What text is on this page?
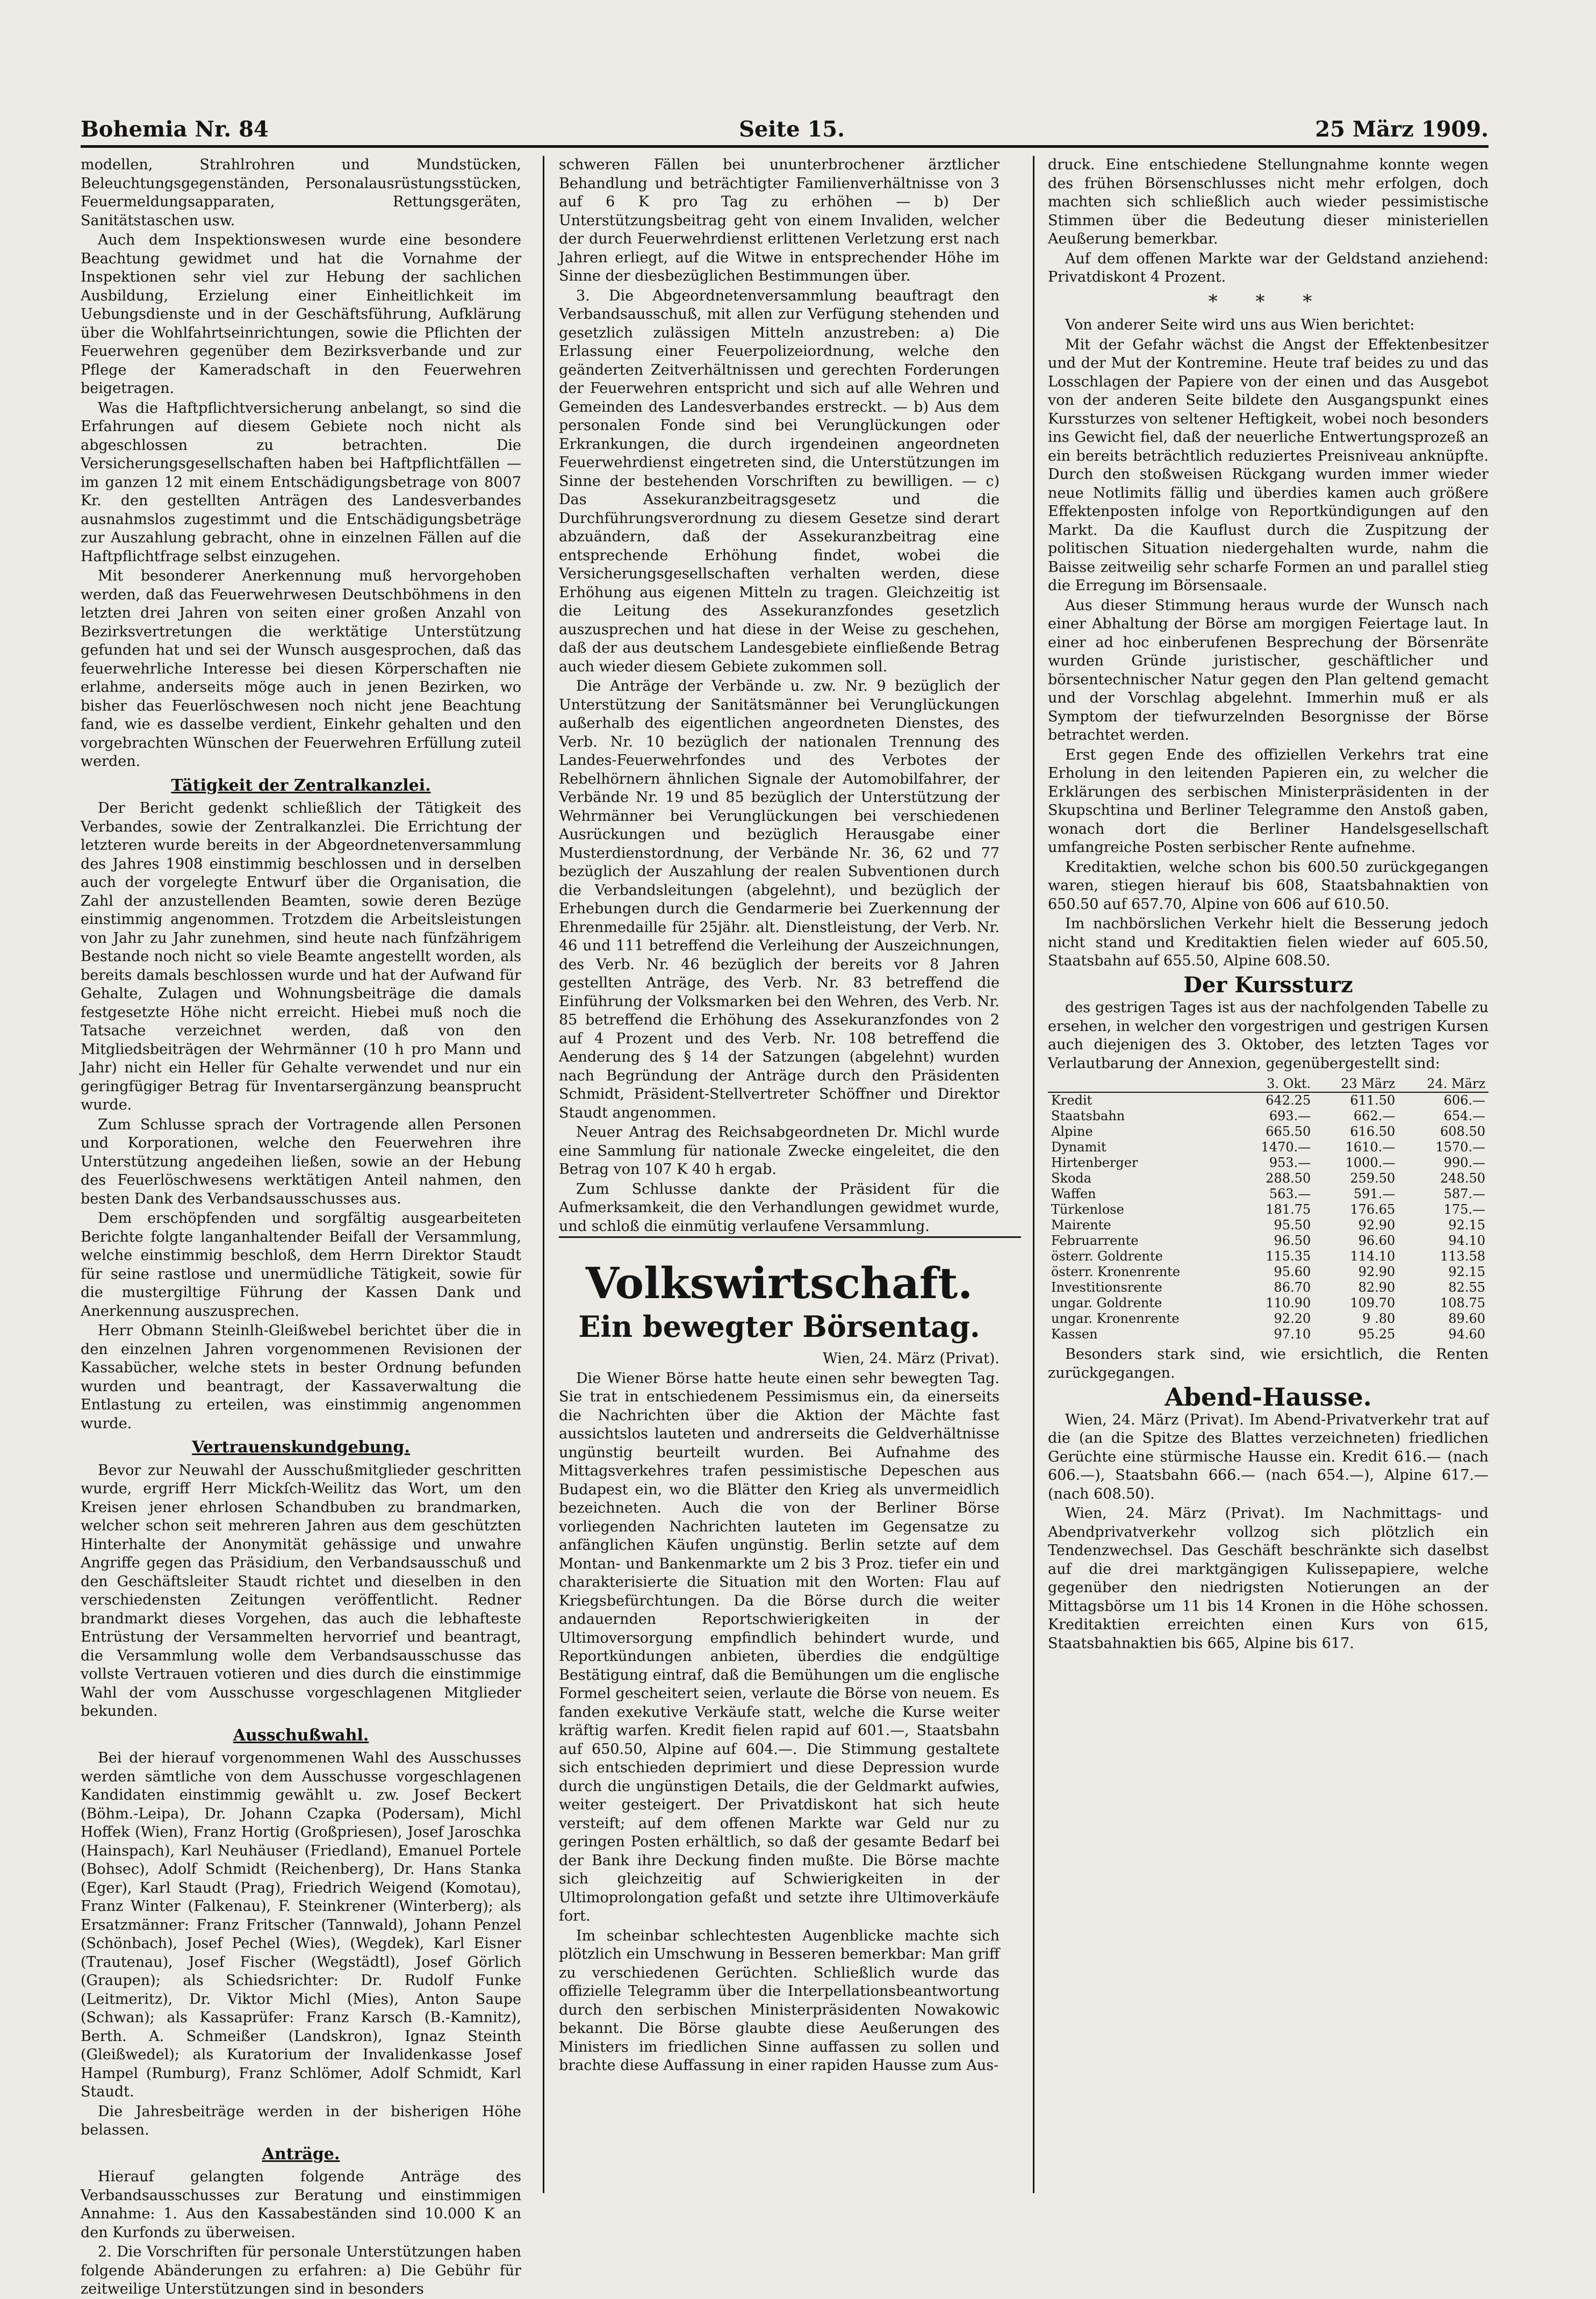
Bohemia Nr. 84	Seite 15.	25 März 1909.

modellen, Strahlrohren und Mundstücken, Beleuchtungsgegenständen, Personalausrüstungsstücken, Feuermeldungsapparaten, Rettungsgeräten, Sanitätstaschen usw.

Auch dem Inspektionswesen wurde eine besondere Beachtung gewidmet und hat die Vornahme der Inspektionen sehr viel zur Hebung der sachlichen Ausbildung, Erzielung einer Einheitlichkeit im Uebungsdienste und in der Geschäftsführung, Aufklärung über die Wohlfahrtseinrichtungen, sowie die Pflichten der Feuerwehren gegenüber dem Bezirksverbande und zur Pflege der Kameradschaft in den Feuerwehren beigetragen.

Was die Haftpflichtversicherung anbelangt, so sind die Erfahrungen auf diesem Gebiete noch nicht als abgeschlossen zu betrachten. Die Versicherungsgesellschaften haben bei Haftpflichtfällen — im ganzen 12 mit einem Entschädigungsbetrage von 8007 Kr. den gestellten Anträgen des Landesverbandes ausnahmslos zugestimmt und die Entschädigungsbeträge zur Auszahlung gebracht, ohne in einzelnen Fällen auf die Haftpflichtfrage selbst einzugehen.

Mit besonderer Anerkennung muß hervorgehoben werden, daß das Feuerwehrwesen Deutschböhmens in den letzten drei Jahren von seiten einer großen Anzahl von Bezirksvertretungen die werktätige Unterstützung gefunden hat und sei der Wunsch ausgesprochen, daß das feuerwehrliche Interesse bei diesen Körperschaften nie erlahme, anderseits möge auch in jenen Bezirken, wo bisher das Feuerlöschwesen noch nicht jene Beachtung fand, wie es dasselbe verdient, Einkehr gehalten und den vorgebrachten Wünschen der Feuerwehren Erfüllung zuteil werden.

Tätigkeit der Zentralkanzlei.

Der Bericht gedenkt schließlich der Tätigkeit des Verbandes, sowie der Zentralkanzlei. Die Errichtung der letzteren wurde bereits in der Abgeordnetenversammlung des Jahres 1908 einstimmig beschlossen und in derselben auch der vorgelegte Entwurf über die Organisation, die Zahl der anzustellenden Beamten, sowie deren Bezüge einstimmig angenommen. Trotzdem die Arbeitsleistungen von Jahr zu Jahr zunehmen, sind heute nach fünfzährigem Bestande noch nicht so viele Beamte angestellt worden, als bereits damals beschlossen wurde und hat der Aufwand für Gehalte, Zulagen und Wohnungsbeiträge die damals festgesetzte Höhe nicht erreicht. Hiebei muß noch die Tatsache verzeichnet werden, daß von den Mitgliedsbeiträgen der Wehrmänner (10 h pro Mann und Jahr) nicht ein Heller für Gehalte verwendet und nur ein geringfügiger Betrag für Inventarsergänzung beansprucht wurde.

Zum Schlusse sprach der Vortragende allen Personen und Korporationen, welche den Feuerwehren ihre Unterstützung angedeihen ließen, sowie an der Hebung des Feuerlöschwesens werktätigen Anteil nahmen, den besten Dank des Verbandsausschusses aus.

Dem erschöpfenden und sorgfältig ausgearbeiteten Berichte folgte langanhaltender Beifall der Versammlung, welche einstimmig beschloß, dem Herrn Direktor Staudt für seine rastlose und unermüdliche Tätigkeit, sowie für die mustergiltige Führung der Kassen Dank und Anerkennung auszusprechen.

Herr Obmann Steinlh-Gleißwebel berichtet über die in den einzelnen Jahren vorgenommenen Revisionen der Kassabücher, welche stets in bester Ordnung befunden wurden und beantragt, der Kassaverwaltung die Entlastung zu erteilen, was einstimmig angenommen wurde.

Vertrauenskundgebung.

Bevor zur Neuwahl der Ausschußmitglieder geschritten wurde, ergriff Herr Mickſch-Weilitz das Wort, um den Kreisen jener ehrlosen Schandbuben zu brandmarken, welcher schon seit mehreren Jahren aus dem geschützten Hinterhalte der Anonymität gehässige und unwahre Angriffe gegen das Präsidium, den Verbandsausschuß und den Geschäftsleiter Staudt richtet und dieselben in den verschiedensten Zeitungen veröffentlicht. Redner brandmarkt dieses Vorgehen, das auch die lebhafteste Entrüstung der Versammelten hervorrief und beantragt, die Versammlung wolle dem Verbandsausschusse das vollste Vertrauen votieren und dies durch die einstimmige Wahl der vom Ausschusse vorgeschlagenen Mitglieder bekunden.

Ausschußwahl.

Bei der hierauf vorgenommenen Wahl des Ausschusses werden sämtliche von dem Ausschusse vorgeschlagenen Kandidaten einstimmig gewählt u. zw. Josef Beckert (Böhm.-Leipa), Dr. Johann Czapka (Podersam), Michl Hoffek (Wien), Franz Hortig (Großpriesen), Josef Jaroschka (Hainspach), Karl Neuhäuser (Friedland), Emanuel Portele (Bohsec), Adolf Schmidt (Reichenberg), Dr. Hans Stanka (Eger), Karl Staudt (Prag), Friedrich Weigend (Komotau), Franz Winter (Falkenau), F. Steinkrener (Winterberg); als Ersatzmänner: Franz Fritscher (Tannwald), Johann Penzel (Schönbach), Josef Pechel (Wies), (Wegdek), Karl Eisner (Trautenau), Josef Fischer (Wegstädtl), Josef Görlich (Graupen); als Schiedsrichter: Dr. Rudolf Funke (Leitmeritz), Dr. Viktor Michl (Mies), Anton Saupe (Schwan); als Kassaprüfer: Franz Karsch (B.-Kamnitz), Berth. A. Schmeißer (Landskron), Ignaz Steinth (Gleißwedel); als Kuratorium der Invalidenkasse Josef Hampel (Rumburg), Franz Schlömer, Adolf Schmidt, Karl Staudt.

Die Jahresbeiträge werden in der bisherigen Höhe belassen.

Anträge.

Hierauf gelangten folgende Anträge des Verbandsausschusses zur Beratung und einstimmigen Annahme: 1. Aus den Kassabeständen sind 10.000 K an den Kurfonds zu überweisen.

2. Die Vorschriften für personale Unterstützungen haben folgende Abänderungen zu erfahren: a) Die Gebühr für zeitweilige Unterstützungen sind in besonders

schweren Fällen bei ununterbrochener ärztlicher Behandlung und beträchtigter Familienverhältnisse von 3 auf 6 K pro Tag zu erhöhen — b) Der Unterstützungsbeitrag geht von einem Invaliden, welcher der durch Feuerwehrdienst erlittenen Verletzung erst nach Jahren erliegt, auf die Witwe in entsprechender Höhe im Sinne der diesbezüglichen Bestimmungen über.

3. Die Abgeordnetenversammlung beauftragt den Verbandsausschuß, mit allen zur Verfügung stehenden und gesetzlich zulässigen Mitteln anzustreben: a) Die Erlassung einer Feuerpolizeiordnung, welche den geänderten Zeitverhältnissen und gerechten Forderungen der Feuerwehren entspricht und sich auf alle Wehren und Gemeinden des Landesverbandes erstreckt. — b) Aus dem personalen Fonde sind bei Verunglückungen oder Erkrankungen, die durch irgendeinen angeordneten Feuerwehrdienst eingetreten sind, die Unterstützungen im Sinne der bestehenden Vorschriften zu bewilligen. — c) Das Assekuranzbeitragsgesetz und die Durchführungsverordnung zu diesem Gesetze sind derart abzuändern, daß der Assekuranzbeitrag eine entsprechende Erhöhung findet, wobei die Versicherungsgesellschaften verhalten werden, diese Erhöhung aus eigenen Mitteln zu tragen. Gleichzeitig ist die Leitung des Assekuranzfondes gesetzlich auszusprechen und hat diese in der Weise zu geschehen, daß der aus deutschem Landesgebiete einfließende Betrag auch wieder diesem Gebiete zukommen soll.

Die Anträge der Verbände u. zw. Nr. 9 bezüglich der Unterstützung der Sanitätsmänner bei Verunglückungen außerhalb des eigentlichen angeordneten Dienstes, des Verb. Nr. 10 bezüglich der nationalen Trennung des Landes-Feuerwehrfondes und des Verbotes der Rebelhörnern ähnlichen Signale der Automobilfahrer, der Verbände Nr. 19 und 85 bezüglich der Unterstützung der Wehrmänner bei Verunglückungen bei verschiedenen Ausrückungen und bezüglich Herausgabe einer Musterdienstordnung, der Verbände Nr. 36, 62 und 77 bezüglich der Auszahlung der realen Subventionen durch die Verbandsleitungen (abgelehnt), und bezüglich der Erhebungen durch die Gendarmerie bei Zuerkennung der Ehrenmedaille für 25jähr. alt. Dienstleistung, der Verb. Nr. 46 und 111 betreffend die Verleihung der Auszeichnungen, des Verb. Nr. 46 bezüglich der bereits vor 8 Jahren gestellten Anträge, des Verb. Nr. 83 betreffend die Einführung der Volksmarken bei den Wehren, des Verb. Nr. 85 betreffend die Erhöhung des Assekuranzfondes von 2 auf 4 Prozent und des Verb. Nr. 108 betreffend die Aenderung des § 14 der Satzungen (abgelehnt) wurden nach Begründung der Anträge durch den Präsidenten Schmidt, Präsident-Stellvertreter Schöffner und Direktor Staudt angenommen.

Neuer Antrag des Reichsabgeordneten Dr. Michl wurde eine Sammlung für nationale Zwecke eingeleitet, die den Betrag von 107 K 40 h ergab.

Zum Schlusse dankte der Präsident für die Aufmerksamkeit, die den Verhandlungen gewidmet wurde, und schloß die einmütig verlaufene Versammlung.

Volkswirtschaft.
Ein bewegter Börsentag.

Wien, 24. März (Privat).

Die Wiener Börse hatte heute einen sehr bewegten Tag. Sie trat in entschiedenem Pessimismus ein, da einerseits die Nachrichten über die Aktion der Mächte fast aussichtslos lauteten und andrerseits die Geldverhältnisse ungünstig beurteilt wurden. Bei Aufnahme des Mittagsverkehres trafen pessimistische Depeschen aus Budapest ein, wo die Blätter den Krieg als unvermeidlich bezeichneten. Auch die von der Berliner Börse vorliegenden Nachrichten lauteten im Gegensatze zu anfänglichen Käufen ungünstig. Berlin setzte auf dem Montan- und Bankenmarkte um 2 bis 3 Proz. tiefer ein und charakterisierte die Situation mit den Worten: Flau auf Kriegsbefürchtungen. Da die Börse durch die weiter andauernden Reportschwierigkeiten in der Ultimoversorgung empfindlich behindert wurde, und Reportkündungen anbieten, überdies die endgültige Bestätigung eintraf, daß die Bemühungen um die englische Formel gescheitert seien, verlaute die Börse von neuem. Es fanden exekutive Verkäufe statt, welche die Kurse weiter kräftig warfen. Kredit fielen rapid auf 601.—, Staatsbahn auf 650.50, Alpine auf 604.—. Die Stimmung gestaltete sich entschieden deprimiert und diese Depression wurde durch die ungünstigen Details, die der Geldmarkt aufwies, weiter gesteigert. Der Privatdiskont hat sich heute versteift; auf dem offenen Markte war Geld nur zu geringen Posten erhältlich, so daß der gesamte Bedarf bei der Bank ihre Deckung finden mußte. Die Börse machte sich gleichzeitig auf Schwierigkeiten in der Ultimoprolongation gefaßt und setzte ihre Ultimoverkäufe fort.

Im scheinbar schlechtesten Augenblicke machte sich plötzlich ein Umschwung in Besseren bemerkbar: Man griff zu verschiedenen Gerüchten. Schließlich wurde das offizielle Telegramm über die Interpellationsbeantwortung durch den serbischen Ministerpräsidenten Nowakowic bekannt. Die Börse glaubte diese Aeußerungen des Ministers im friedlichen Sinne auffassen zu sollen und brachte diese Auffassung in einer rapiden Hausse zum Aus-

druck. Eine entschiedene Stellungnahme konnte wegen des frühen Börsenschlusses nicht mehr erfolgen, doch machten sich schließlich auch wieder pessimistische Stimmen über die Bedeutung dieser ministeriellen Aeußerung bemerkbar.

Auf dem offenen Markte war der Geldstand anziehend: Privatdiskont 4 Prozent.

* * *

Von anderer Seite wird uns aus Wien berichtet:

Mit der Gefahr wächst die Angst der Effektenbesitzer und der Mut der Kontremine. Heute traf beides zu und das Losschlagen der Papiere von der einen und das Ausgebot von der anderen Seite bildete den Ausgangspunkt eines Kurssturzes von seltener Heftigkeit, wobei noch besonders ins Gewicht fiel, daß der neuerliche Entwertungsprozeß an ein bereits beträchtlich reduziertes Preisniveau anknüpfte. Durch den stoßweisen Rückgang wurden immer wieder neue Notlimits fällig und überdies kamen auch größere Effektenposten infolge von Reportkündigungen auf den Markt. Da die Kauflust durch die Zuspitzung der politischen Situation niedergehalten wurde, nahm die Baisse zeitweilig sehr scharfe Formen an und parallel stieg die Erregung im Börsensaale.

Aus dieser Stimmung heraus wurde der Wunsch nach einer Abhaltung der Börse am morgigen Feiertage laut. In einer ad hoc einberufenen Besprechung der Börsenräte wurden Gründe juristischer, geschäftlicher und börsentechnischer Natur gegen den Plan geltend gemacht und der Vorschlag abgelehnt. Immerhin muß er als Symptom der tiefwurzelnden Besorgnisse der Börse betrachtet werden.

Erst gegen Ende des offiziellen Verkehrs trat eine Erholung in den leitenden Papieren ein, zu welcher die Erklärungen des serbischen Ministerpräsidenten in der Skupschtina und Berliner Telegramme den Anstoß gaben, wonach dort die Berliner Handelsgesellschaft umfangreiche Posten serbischer Rente aufnehme.

Kreditaktien, welche schon bis 600.50 zurückgegangen waren, stiegen hierauf bis 608, Staatsbahnaktien von 650.50 auf 657.70, Alpine von 606 auf 610.50.

Im nachbörslichen Verkehr hielt die Besserung jedoch nicht stand und Kreditaktien fielen wieder auf 605.50, Staatsbahn auf 655.50, Alpine 608.50.

Der Kurssturz

des gestrigen Tages ist aus der nachfolgenden Tabelle zu ersehen, in welcher den vorgestrigen und gestrigen Kursen auch diejenigen des 3. Oktober, des letzten Tages vor Verlautbarung der Annexion, gegenübergestellt sind:

	3. Okt.	23 März	24. März
Kredit	642.25	611.50	606.—
Staatsbahn	693.—	662.—	654.—
Alpine	665.50	616.50	608.50
Dynamit	1470.—	1610.—	1570.—
Hirtenberger	953.—	1000.—	990.—
Skoda	288.50	259.50	248.50
Waffen	563.—	591.—	587.—
Türkenlose	181.75	176.65	175.—
Mairente	95.50	92.90	92.15
Februarrente	96.50	96.60	94.10
österr. Goldrente	115.35	114.10	113.58
österr. Kronenrente	95.60	92.90	92.15
Investitionsrente	86.70	82.90	82.55
ungar. Goldrente	110.90	109.70	108.75
ungar. Kronenrente	92.20	9 .80	89.60
Kassen	97.10	95.25	94.60

Besonders stark sind, wie ersichtlich, die Renten zurückgegangen.

Abend-Hausse.

Wien, 24. März (Privat). Im Abend-Privatverkehr trat auf die (an die Spitze des Blattes verzeichneten) friedlichen Gerüchte eine stürmische Hausse ein. Kredit 616.— (nach 606.—), Staatsbahn 666.— (nach 654.—), Alpine 617.— (nach 608.50).

Wien, 24. März (Privat). Im Nachmittags- und Abendprivatverkehr vollzog sich plötzlich ein Tendenzwechsel. Das Geschäft beschränkte sich daselbst auf die drei marktgängigen Kulissepapiere, welche gegenüber den niedrigsten Notierungen an der Mittagsbörse um 11 bis 14 Kronen in die Höhe schossen. Kreditaktien erreichten einen Kurs von 615, Staatsbahnaktien bis 665, Alpine bis 617.
